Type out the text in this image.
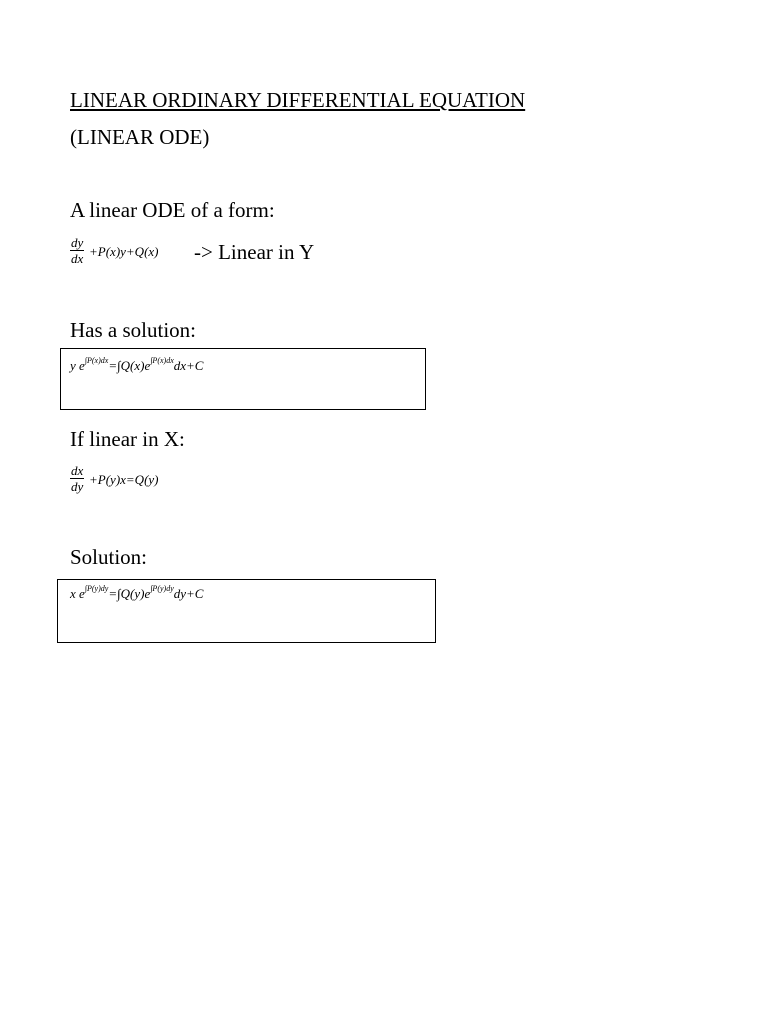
LINEAR ORDINARY DIFFERENTIAL EQUATION
(LINEAR ODE)
A linear ODE of a form:
$\frac{dy}{dx} +P(x)y+Q(x)$ -> Linear in Y
Has a solution:
y $e^{\int P(x)dx}=\int Q(x)e^{\int P(x)dx}dx+C$
If linear in X:
$\frac{dx}{dy} +P(y)x=Q(y)$
Solution:
x $e^{\int P(y)dy}=\int Q(y)e^{\int P(y)dy}dy+C$
